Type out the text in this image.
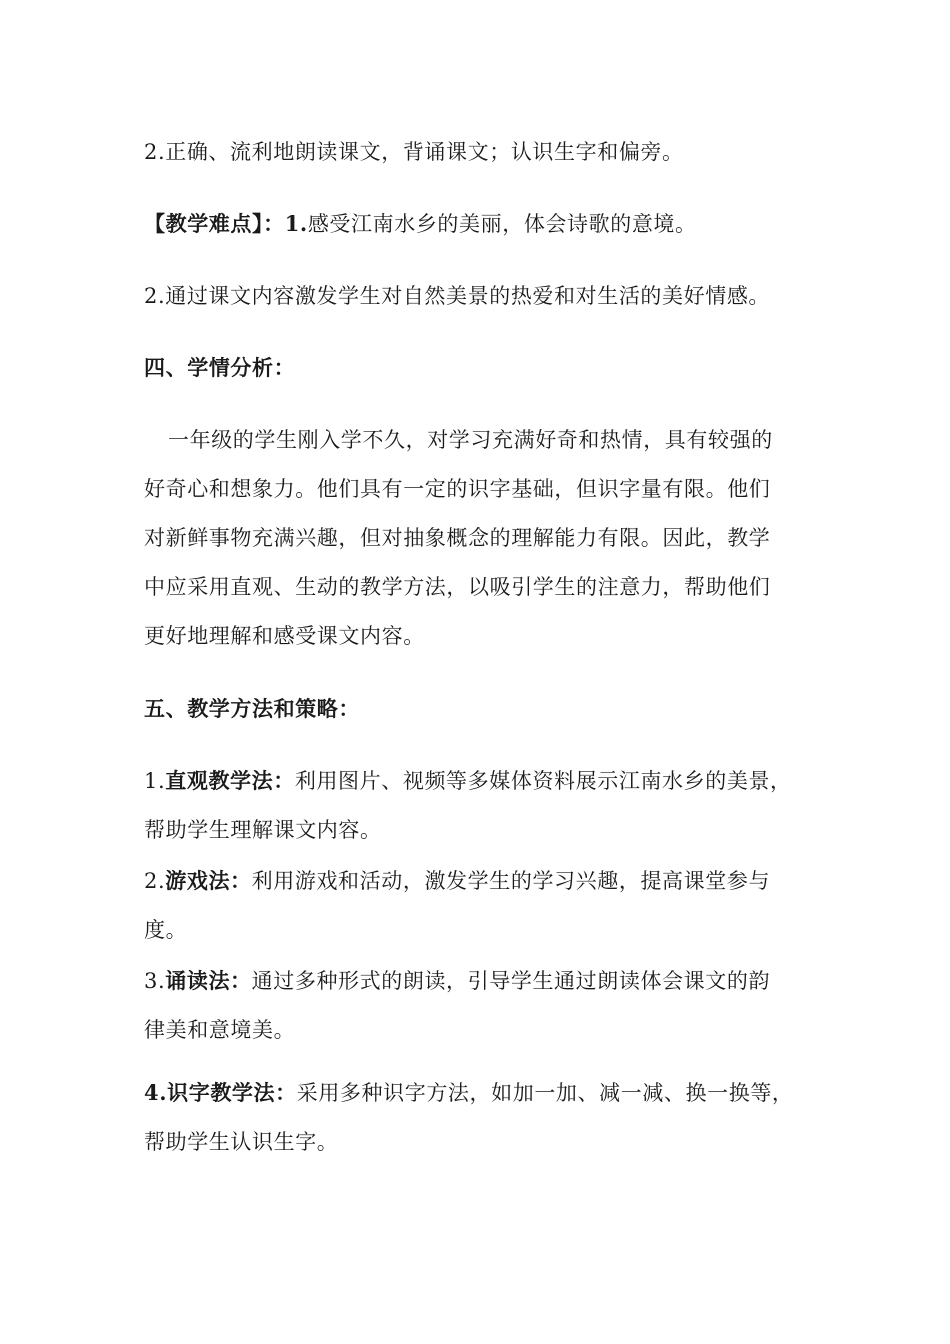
2.正确、流利地朗读课文，背诵课文；认识生字和偏旁。
【教学难点】：1.感受江南水乡的美丽，体会诗歌的意境。
2.通过课文内容激发学生对自然美景的热爱和对生活的美好情感。
四、学情分析：
一年级的学生刚入学不久，对学习充满好奇和热情，具有较强的
好奇心和想象力。他们具有一定的识字基础，但识字量有限。他们
对新鲜事物充满兴趣，但对抽象概念的理解能力有限。因此，教学
中应采用直观、生动的教学方法，以吸引学生的注意力，帮助他们
更好地理解和感受课文内容。
五、教学方法和策略：
1.直观教学法：利用图片、视频等多媒体资料展示江南水乡的美景，
帮助学生理解课文内容。
2.游戏法：利用游戏和活动，激发学生的学习兴趣，提高课堂参与
度。
3.诵读法：通过多种形式的朗读，引导学生通过朗读体会课文的韵
律美和意境美。
4.识字教学法：采用多种识字方法，如加一加、减一减、换一换等，
帮助学生认识生字。
